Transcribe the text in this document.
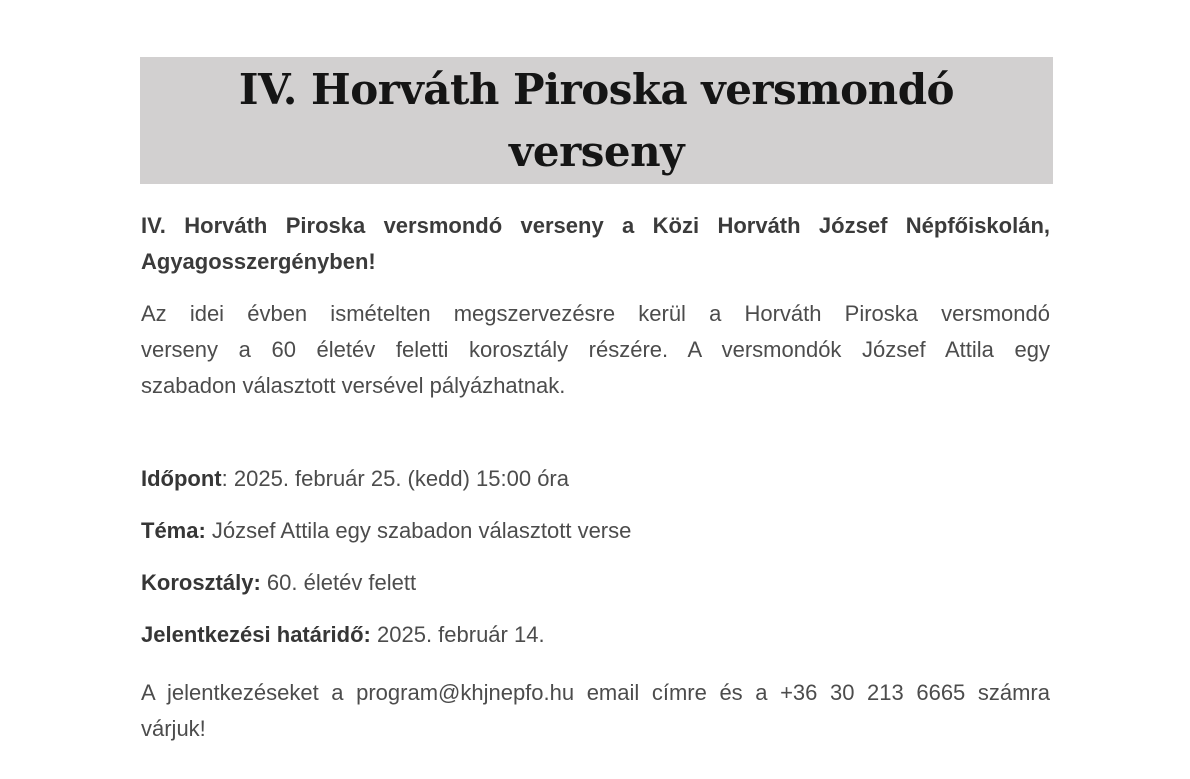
IV. Horváth Piroska versmondó
verseny
IV. Horváth Piroska versmondó verseny a Közi Horváth József Népfőiskolán,
Agyagosszergényben!
Az idei évben ismételten megszervezésre kerül a Horváth Piroska versmondó
verseny a 60 életév feletti korosztály részére. A versmondók József Attila egy
szabadon választott versével pályázhatnak.
Időpont: 2025. február 25. (kedd) 15:00 óra
Téma: József Attila egy szabadon választott verse
Korosztály: 60. életév felett
Jelentkezési határidő: 2025. február 14.
A jelentkezéseket a program@khjnepfo.hu email címre és a +36 30 213 6665 számra
várjuk!
